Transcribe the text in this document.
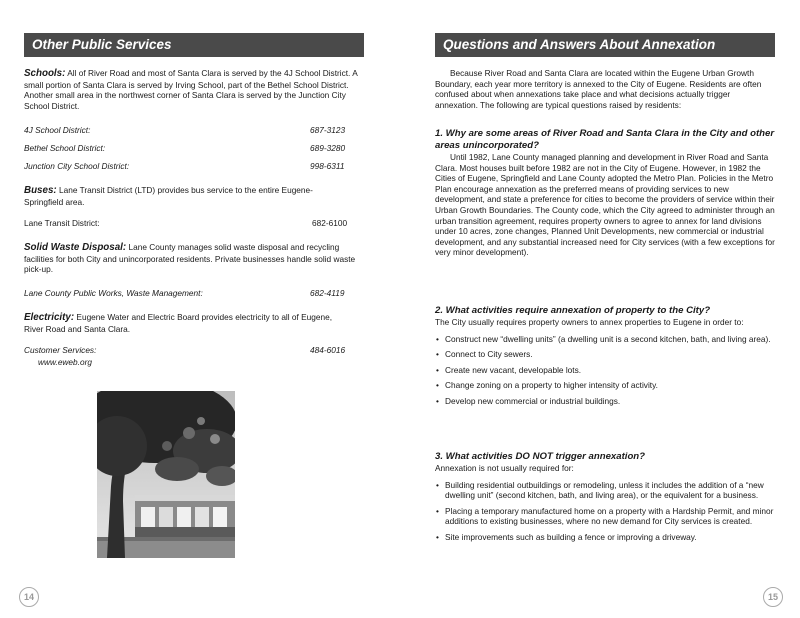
Other Public Services
Schools: All of River Road and most of Santa Clara is served by the 4J School District. A small portion of Santa Clara is served by Irving School, part of the Bethel School District. Another small area in the northwest corner of Santa Clara is served by the Junction City School District.
4J School District:	687-3123
Bethel School District:	689-3280
Junction City School District:	998-6311
Buses: Lane Transit District (LTD) provides bus service to the entire Eugene-Springfield area.
Lane Transit District:	682-6100
Solid Waste Disposal: Lane County manages solid waste disposal and recycling facilities for both City and unincorporated residents. Private businesses handle solid waste pick-up.
Lane County Public Works, Waste Management:	682-4119
Electricity: Eugene Water and Electric Board provides electricity to all of Eugene, River Road and Santa Clara.
Customer Services:	484-6016
www.eweb.org
14
Questions and Answers About Annexation
Because River Road and Santa Clara are located within the Eugene Urban Growth Boundary, each year more territory is annexed to the City of Eugene. Residents are often confused about when annexations take place and what decisions actually trigger annexation. The following are typical questions raised by residents:
1. Why are some areas of River Road and Santa Clara in the City and other areas unincorporated?
Until 1982, Lane County managed planning and development in River Road and Santa Clara. Most houses built before 1982 are not in the City of Eugene. However, in 1982 the Cities of Eugene, Springfield and Lane County adopted the Metro Plan. Policies in the Metro Plan encourage annexation as the preferred means of providing services to new development, and state a preference for cities to become the providers of service within their Urban Growth Boundaries. The County code, which the City agreed to administer through an urban transition agreement, requires property owners to agree to annex for land divisions under 10 acres, zone changes, Planned Unit Developments, new commercial or industrial development, and any substantial increased need for City services (with a few exceptions for very minor development).
2. What activities require annexation of property to the City?
The City usually requires property owners to annex properties to Eugene in order to:
• Construct new “dwelling units” (a dwelling unit is a second kitchen, bath, and living area).
• Connect to City sewers.
• Create new vacant, developable lots.
• Change zoning on a property to higher intensity of activity.
• Develop new commercial or industrial buildings.
3. What activities DO NOT trigger annexation?
Annexation is not usually required for:
• Building residential outbuildings or remodeling, unless it includes the addition of a “new dwelling unit” (second kitchen, bath, and living area), or the equivalent for a business.
• Placing a temporary manufactured home on a property with a Hardship Permit, and minor additions to existing businesses, where no new demand for City services is created.
• Site improvements such as building a fence or improving a driveway.
15
